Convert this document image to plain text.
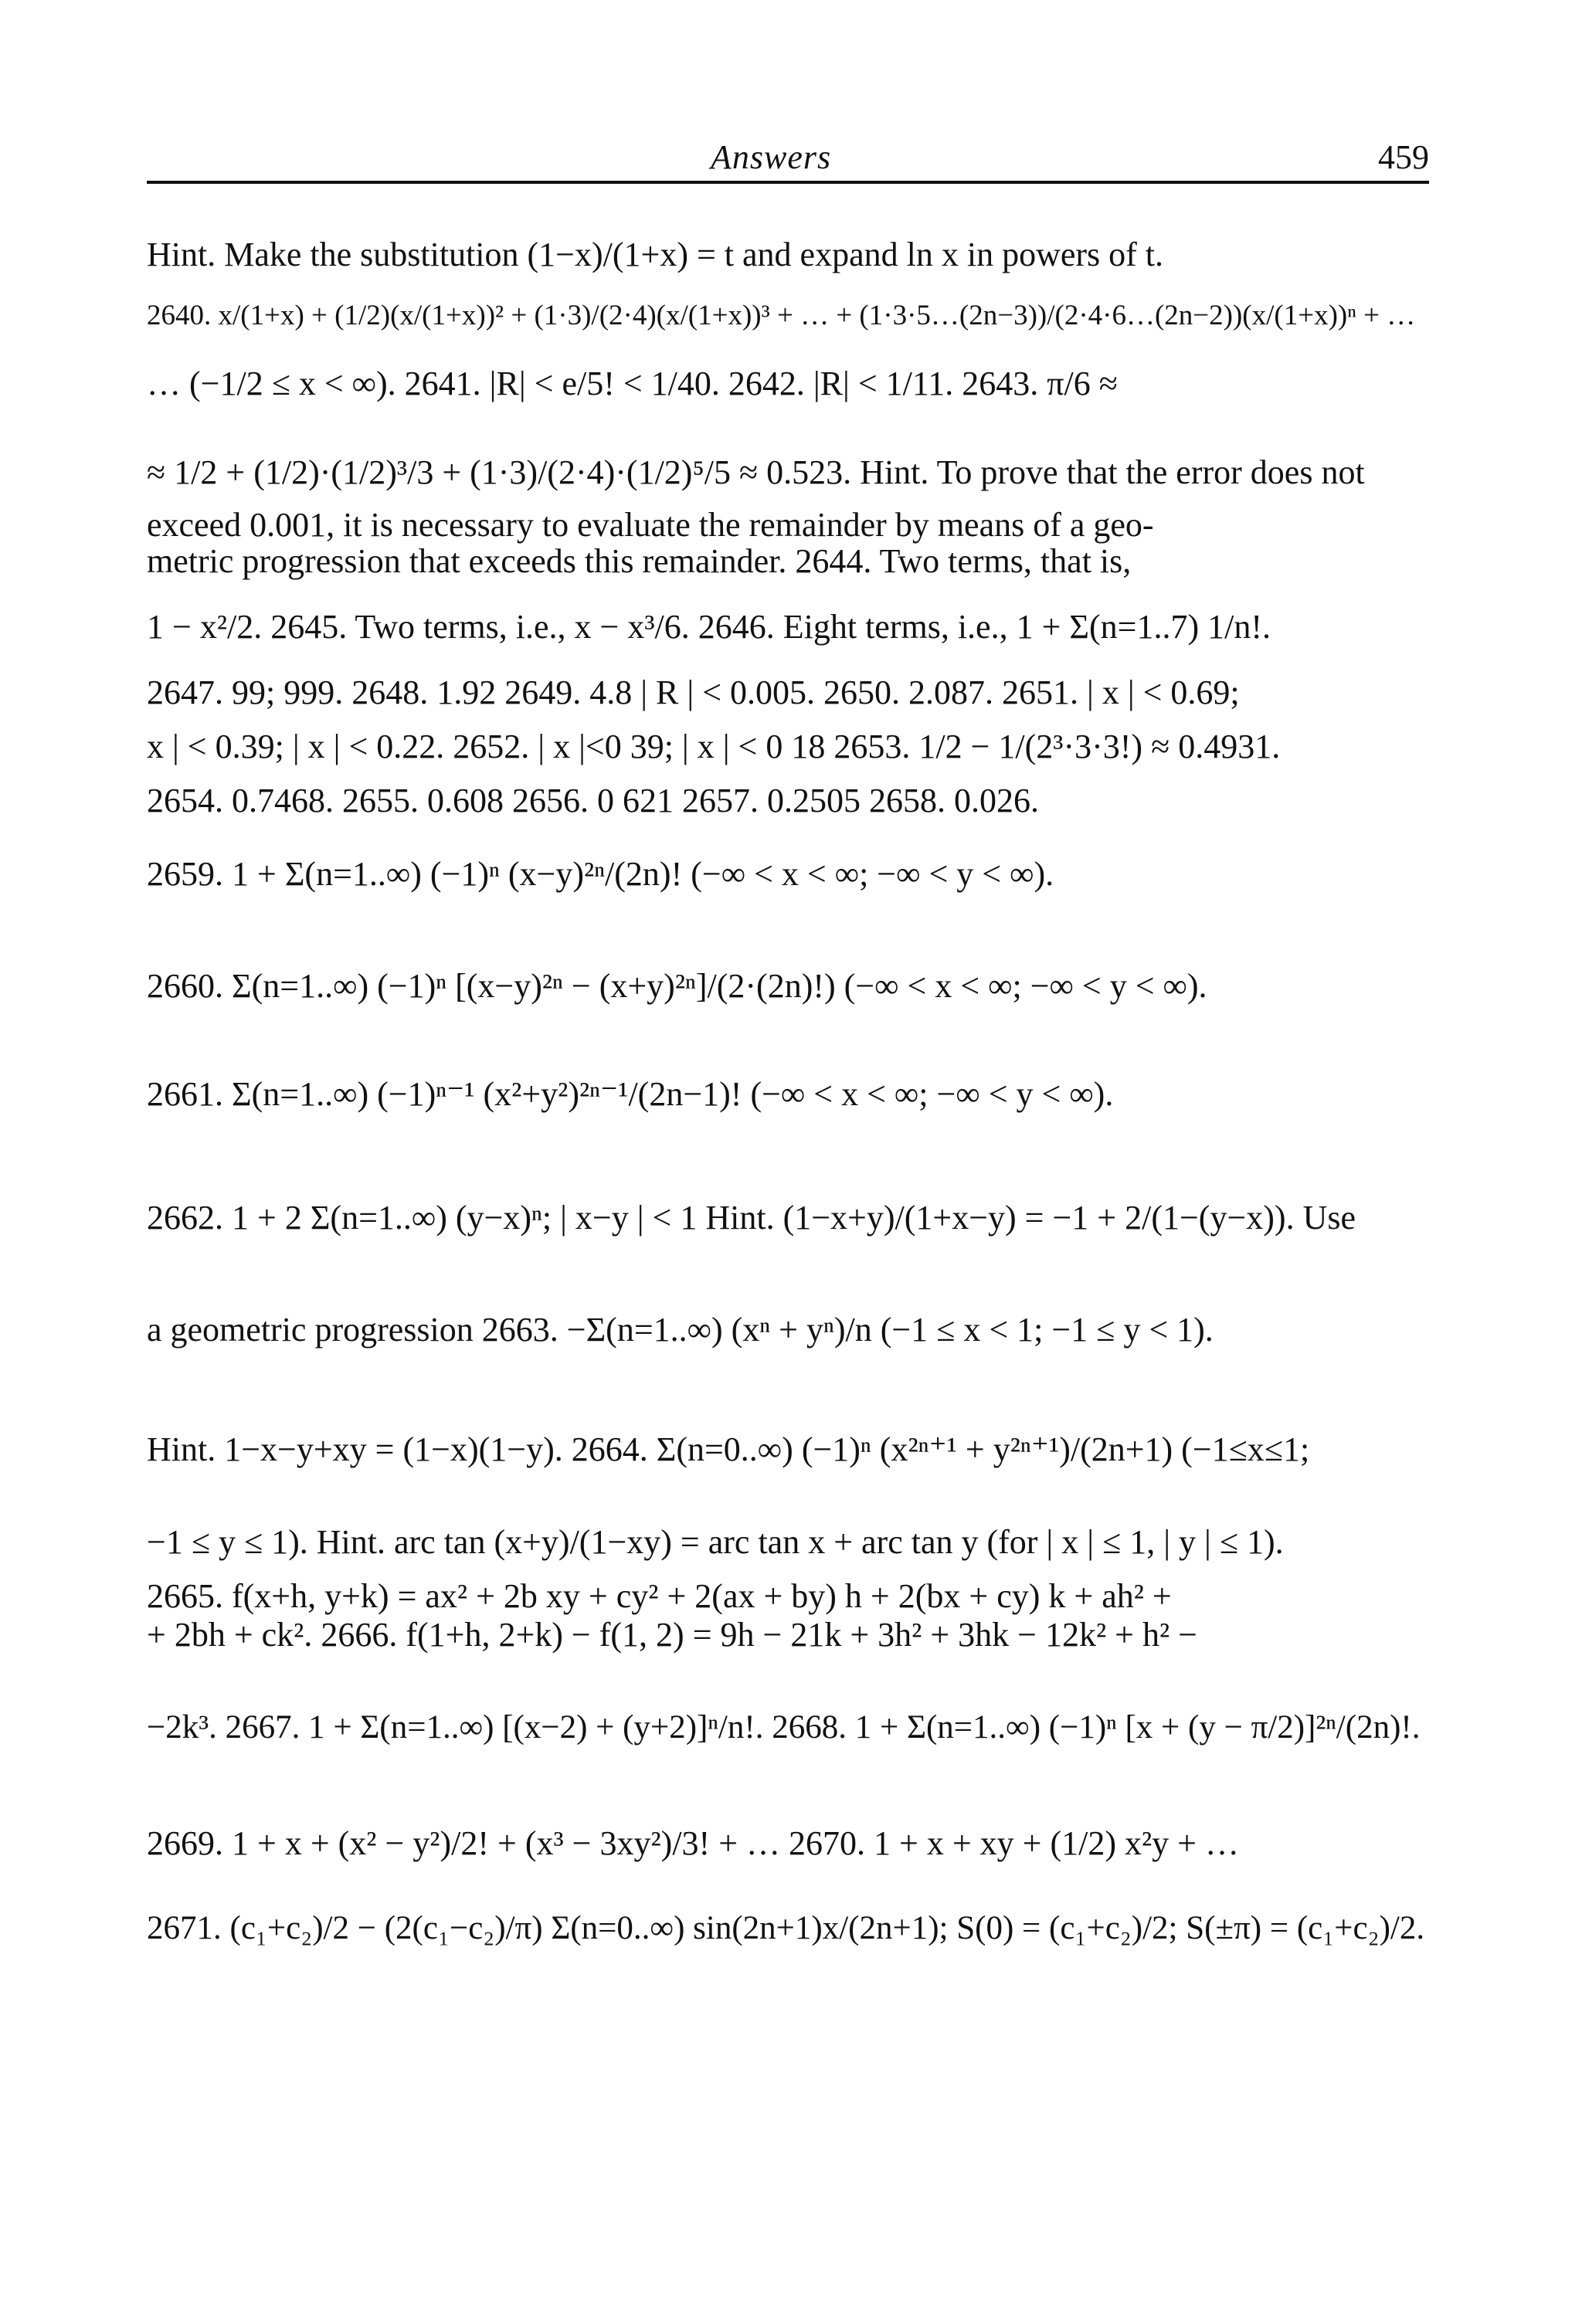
Answers	459
Hint. Make the substitution (1−x)/(1+x) = t and expand ln x in powers of t.
2640. x/(1+x) + (1/2)(x/(1+x))² + (1·3)/(2·4)(x/(1+x))³ + … + (1·3·5…(2n−3))/(2·4·6…(2n−2))(x/(1+x))ⁿ + …
… (−1/2 ≤ x < ∞). 2641. |R| < e/5! < 1/40. 2642. |R| < 1/11. 2643. π/6 ≈
≈ 1/2 + (1/2)·(1/2)³/3 + (1·3)/(2·4)·(1/2)⁵/5 ≈ 0.523. Hint. To prove that the error does not
exceed 0.001, it is necessary to evaluate the remainder by means of a geo-
metric progression that exceeds this remainder. 2644. Two terms, that is,
1 − x²/2. 2645. Two terms, i.e., x − x³/6. 2646. Eight terms, i.e., 1 + Σ(n=1..7) 1/n!.
2647. 99; 999. 2648. 1.92 2649. 4.8 | R | < 0.005. 2650. 2.087. 2651. | x | < 0.69;
x | < 0.39; | x | < 0.22. 2652. | x |<0 39; | x | < 0 18 2653. 1/2 − 1/(2³·3·3!) ≈ 0.4931.
2654. 0.7468. 2655. 0.608 2656. 0 621 2657. 0.2505 2658. 0.026.
2659. 1 + Σ(n=1..∞) (−1)ⁿ (x−y)²ⁿ/(2n)! (−∞ < x < ∞; −∞ < y < ∞).
2660. Σ(n=1..∞) (−1)ⁿ [(x−y)²ⁿ − (x+y)²ⁿ]/(2·(2n)!) (−∞ < x < ∞; −∞ < y < ∞).
2661. Σ(n=1..∞) (−1)ⁿ⁻¹ (x²+y²)²ⁿ⁻¹/(2n−1)! (−∞ < x < ∞; −∞ < y < ∞).
2662. 1 + 2 Σ(n=1..∞) (y−x)ⁿ; | x−y | < 1 Hint. (1−x+y)/(1+x−y) = −1 + 2/(1−(y−x)). Use
a geometric progression 2663. −Σ(n=1..∞) (xⁿ + yⁿ)/n (−1 ≤ x < 1; −1 ≤ y < 1).
Hint. 1−x−y+xy = (1−x)(1−y). 2664. Σ(n=0..∞) (−1)ⁿ (x²ⁿ⁺¹ + y²ⁿ⁺¹)/(2n+1) (−1≤x≤1;
−1 ≤ y ≤ 1). Hint. arc tan (x+y)/(1−xy) = arc tan x + arc tan y (for | x | ≤ 1, | y | ≤ 1).
2665. f(x+h, y+k) = ax² + 2b xy + cy² + 2(ax + by) h + 2(bx + cy) k + ah² +
+ 2bh + ck². 2666. f(1+h, 2+k) − f(1, 2) = 9h − 21k + 3h² + 3hk − 12k² + h² −
−2k³. 2667. 1 + Σ(n=1..∞) [(x−2) + (y+2)]ⁿ/n!. 2668. 1 + Σ(n=1..∞) (−1)ⁿ [x + (y − π/2)]²ⁿ/(2n)!.
2669. 1 + x + (x² − y²)/2! + (x³ − 3xy²)/3! + … 2670. 1 + x + xy + (1/2) x²y + …
2671. (c₁+c₂)/2 − (2(c₁−c₂)/π) Σ(n=0..∞) sin(2n+1)x/(2n+1); S(0) = (c₁+c₂)/2; S(±π) = (c₁+c₂)/2.
